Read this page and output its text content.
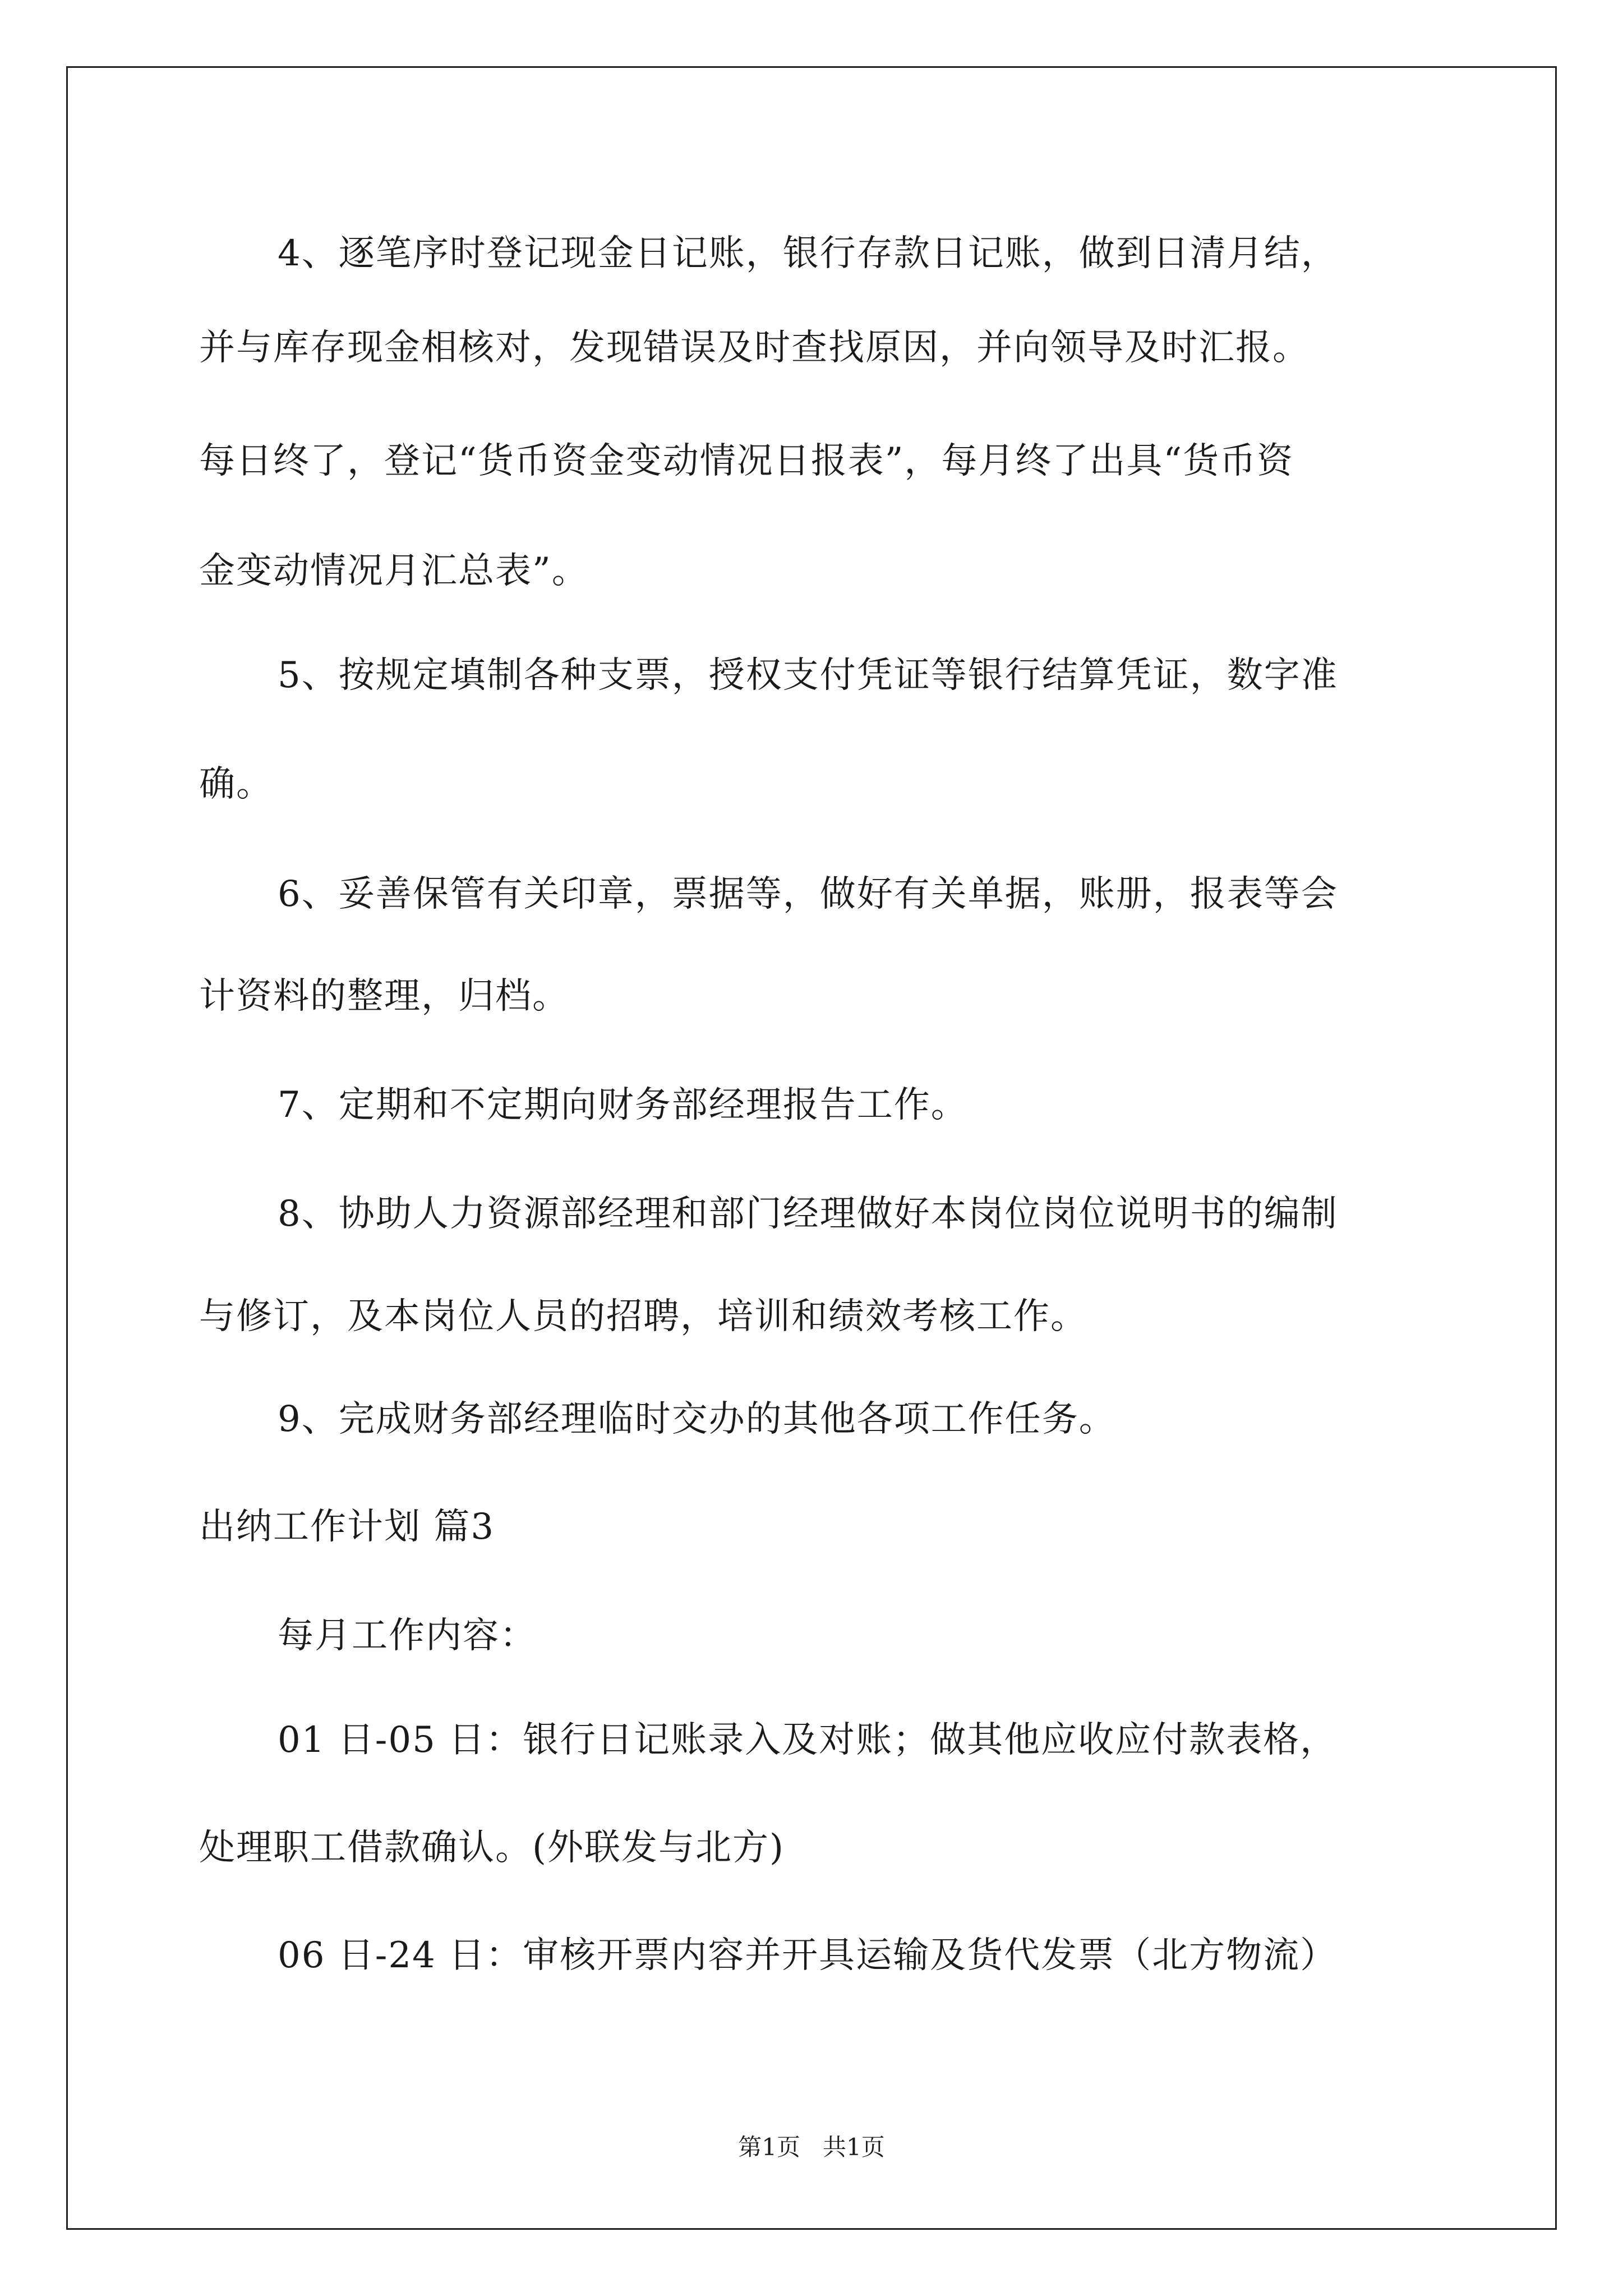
4、逐笔序时登记现金日记账，银行存款日记账，做到日清月结，
并与库存现金相核对，发现错误及时查找原因，并向领导及时汇报。
每日终了，登记“货币资金变动情况日报表”，每月终了出具“货币资
金变动情况月汇总表”。
5、按规定填制各种支票，授权支付凭证等银行结算凭证，数字准
确。
6、妥善保管有关印章，票据等，做好有关单据，账册，报表等会
计资料的整理，归档。
7、定期和不定期向财务部经理报告工作。
8、协助人力资源部经理和部门经理做好本岗位岗位说明书的编制
与修订，及本岗位人员的招聘，培训和绩效考核工作。
9、完成财务部经理临时交办的其他各项工作任务。
出纳工作计划 篇3
每月工作内容：
01 日-05 日：银行日记账录入及对账；做其他应收应付款表格，
处理职工借款确认。(外联发与北方)
06 日-24 日：审核开票内容并开具运输及货代发票（北方物流）
第1页   共1页
